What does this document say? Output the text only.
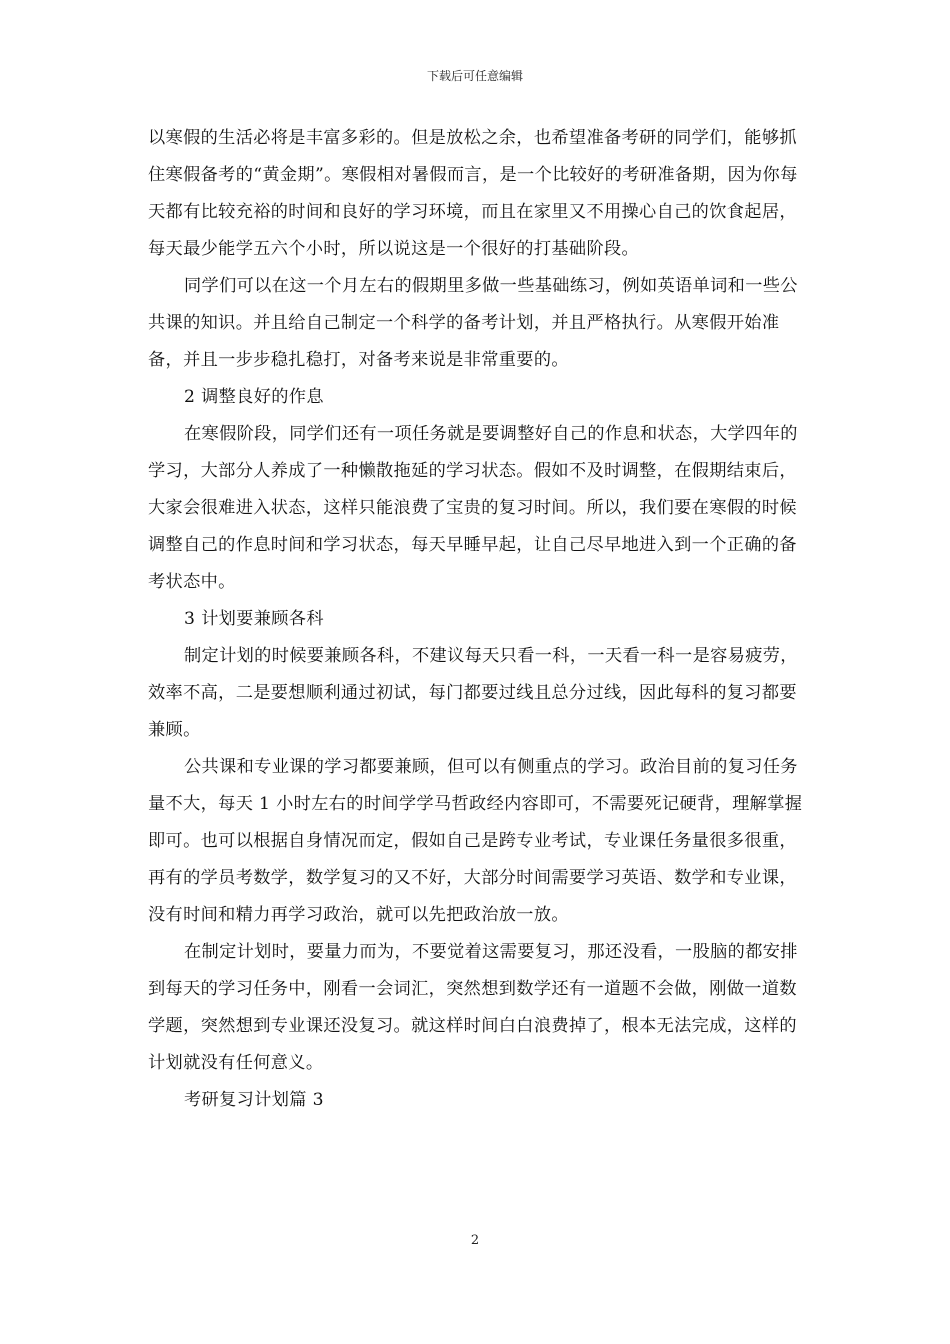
下载后可任意编辑

以寒假的生活必将是丰富多彩的。但是放松之余，也希望准备考研的同学们，能够抓住寒假备考的“黄金期”。寒假相对暑假而言，是一个比较好的考研准备期，因为你每天都有比较充裕的时间和良好的学习环境，而且在家里又不用操心自己的饮食起居，每天最少能学五六个小时，所以说这是一个很好的打基础阶段。

同学们可以在这一个月左右的假期里多做一些基础练习，例如英语单词和一些公共课的知识。并且给自己制定一个科学的备考计划，并且严格执行。从寒假开始准备，并且一步步稳扎稳打，对备考来说是非常重要的。

2 调整良好的作息

在寒假阶段，同学们还有一项任务就是要调整好自己的作息和状态，大学四年的学习，大部分人养成了一种懒散拖延的学习状态。假如不及时调整，在假期结束后，大家会很难进入状态，这样只能浪费了宝贵的复习时间。所以，我们要在寒假的时候调整自己的作息时间和学习状态，每天早睡早起，让自己尽早地进入到一个正确的备考状态中。

3 计划要兼顾各科

制定计划的时候要兼顾各科，不建议每天只看一科，一天看一科一是容易疲劳，效率不高，二是要想顺利通过初试，每门都要过线且总分过线，因此每科的复习都要兼顾。

公共课和专业课的学习都要兼顾，但可以有侧重点的学习。政治目前的复习任务量不大，每天 1 小时左右的时间学学马哲政经内容即可，不需要死记硬背，理解掌握即可。也可以根据自身情况而定，假如自己是跨专业考试，专业课任务量很多很重，再有的学员考数学，数学复习的又不好，大部分时间需要学习英语、数学和专业课，没有时间和精力再学习政治，就可以先把政治放一放。

在制定计划时，要量力而为，不要觉着这需要复习，那还没看，一股脑的都安排到每天的学习任务中，刚看一会词汇，突然想到数学还有一道题不会做，刚做一道数学题，突然想到专业课还没复习。就这样时间白白浪费掉了，根本无法完成，这样的计划就没有任何意义。

考研复习计划篇 3

2
